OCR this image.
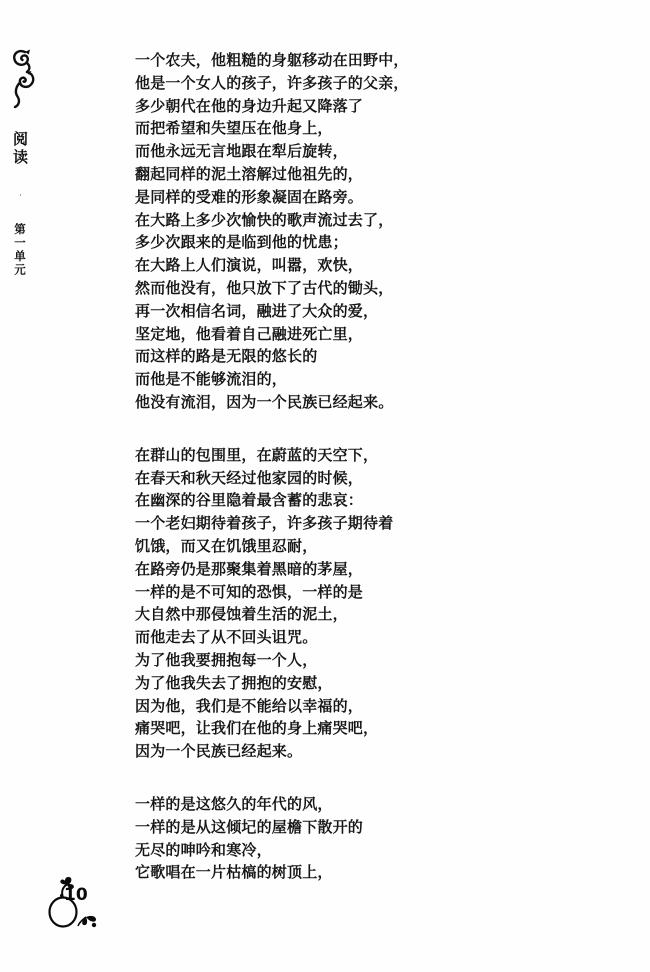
阅读 · 第一单元
一个农夫，他粗糙的身躯移动在田野中，
他是一个女人的孩子，许多孩子的父亲，
多少朝代在他的身边升起又降落了
而把希望和失望压在他身上，
而他永远无言地跟在犁后旋转，
翻起同样的泥土溶解过他祖先的，
是同样的受难的形象凝固在路旁。
在大路上多少次愉快的歌声流过去了，
多少次跟来的是临到他的忧患；
在大路上人们演说，叫嚣，欢快，
然而他没有，他只放下了古代的锄头，
再一次相信名词，融进了大众的爱，
坚定地，他看着自己融进死亡里，
而这样的路是无限的悠长的
而他是不能够流泪的，
他没有流泪，因为一个民族已经起来。
在群山的包围里，在蔚蓝的天空下，
在春天和秋天经过他家园的时候，
在幽深的谷里隐着最含蓄的悲哀：
一个老妇期待着孩子，许多孩子期待着
饥饿，而又在饥饿里忍耐，
在路旁仍是那聚集着黑暗的茅屋，
一样的是不可知的恐惧，一样的是
大自然中那侵蚀着生活的泥土，
而他走去了从不回头诅咒。
为了他我要拥抱每一个人，
为了他我失去了拥抱的安慰，
因为他，我们是不能给以幸福的，
痛哭吧，让我们在他的身上痛哭吧，
因为一个民族已经起来。
一样的是这悠久的年代的风，
一样的是从这倾圮的屋檐下散开的
无尽的呻吟和寒冷，
它歌唱在一片枯槁的树顶上，
10
